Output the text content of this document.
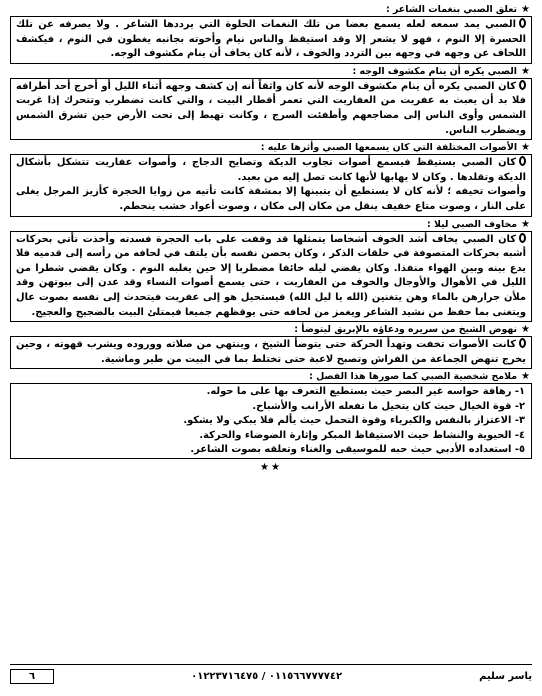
★
تعلق الصبي بنغمات الشاعر :

الصبي يمد سمعه لعله يسمع بعضا من تلك النغمات الحلوة التي يرددها الشاعر . ولا يصرفه عن تلك الحسرة إلا النوم ، فهو لا يشعر إلا وقد استيقظ والناس نيام وأخوته بجانبه يغطون في النوم ، فيكشف اللحاف عن وجهه في وجهه بين التردد والخوف ، لأنه كان يخاف أن ينام مكشوف الوجه.

★
الصبي يكره أن ينام مكشوف الوجه :

كان الصبي يكره أن ينام مكشوف الوجه لأنه كان واثقاً أنه إن كشف وجهه أثناء الليل أو أخرج أحد أطرافه فلا بد أن يعبث به عفريت من العفاريت التي تعمر أقطار البيت ، والتي كانت تضطرب وتتحرك إذا غربت الشمس وأوى الناس إلى مضاجعهم وأطفئت السرج ، وكانت تهبط إلى تحت الأرض حين تشرق الشمس ويضطرب الناس.

★
الأصوات المختلفة التي كان يسمعها الصبي وأثرها عليه :

كان الصبي يستيقظ فيسمع أصوات تجاوب الديكة وتصايح الدجاج ، وأصوات عفاريت تتشكل بأشكال الديكة وتقلدها . وكان لا يهابها لأنها كانت تصل إليه من بعيد.

وأصوات تخيفه ؛ لأنه كان لا يستطيع أن يتبينها إلا بمشقة كانت تأتيه من زوايا الحجرة كأزيز المرجل يغلى على النار ، وصوت متاع خفيف ينقل من مكان إلى مكان ، وصوت أعواد خشب ينحطم.

★
مخاوف الصبي ليلا :

كان الصبي يخاف أشد الخوف أشخاصا يتمثلها قد وقفت على باب الحجرة فسدته وأخذت تأتي بحركات أشبه بحركات المتصوفة في حلقات الذكر ، وكان يحصن نفسه بأن يلتف في لحافه من رأسه إلى قدميه فلا يدع بينه وبين الهواء منفذا. وكان يقضي ليله خائفا مضطربا إلا حين يغلبه النوم . وكان يقضي شطرا من الليل في الأهوال والأوجال والخوف من العفاريت ، حتى يسمع أصوات النساء وقد عدن إلى بيوتهن وقد ملأن جرارهن بالماء وهن يتغنين (الله يا ليل الله) فيستحيل هو إلى عفريت فيتحدث إلى نفسه بصوت عال ويتغنى بما حفظ من نشيد الشاعر ويغمز من لحافه حتى يوقظهم جميعا فيمتلئ البيت بالضجيج والعجيج.

★
نهوض الشيخ من سريره ودعاؤه بالإبريق ليتوضأ :

كانت الأصوات تخفت وتهدأ الحركة حتى يتوضأ الشيخ ، وينتهي من صلاته ووروده ويشرب قهوته ، وحين يخرج تنهض الجماعة من الفراش وتصبح لاعبة حتى تختلط بما في البيت من طير وماشية.

★
ملامح شخصية الصبي كما صورها هذا الفصل :
١- رهافة حواسه غير البصر حيث يستطيع التعرف بها على ما حوله.
٢- قوة الخيال حيث كان يتخيل ما تفعله الأرانب والأشباح.
٣- الاعتزاز بالنفس والكبرياء وقوة التحمل حيث يألم فلا يبكي ولا يشكو.
٤- الحيوية والنشاط حيث الاستيقاظ المبكر وإثارة الضوضاء والحركة.
٥- استعداده الأدبي حيث حبه للموسيقى والغناء وتعلقه بصوت الشاعر.
★★
ياسر سليم
٠١١٥٦٦٧٧٧٧٤٢ / ٠١٢٢٣٧١٦٤٧٥
٦
